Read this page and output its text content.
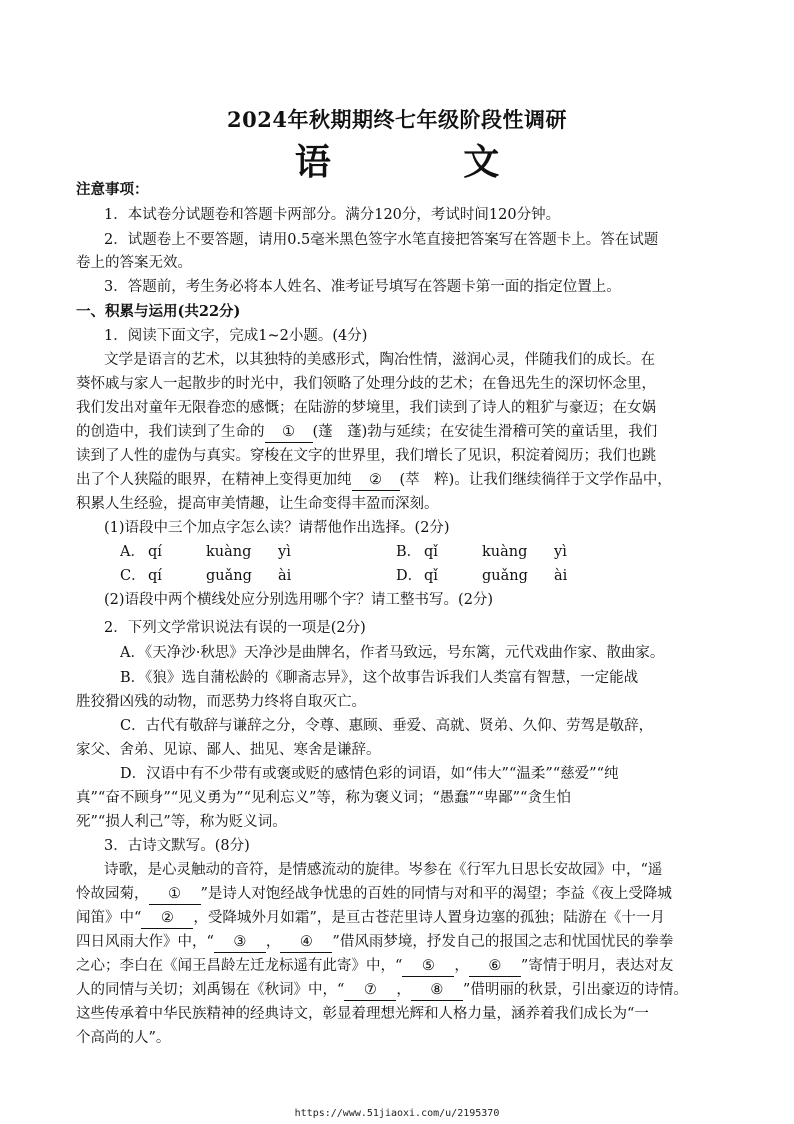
2024年秋期期终七年级阶段性调研
语 文
注意事项：
1．本试卷分试题卷和答题卡两部分。满分120分，考试时间120分钟。
2．试题卷上不要答题，请用0.5毫米黑色签字水笔直接把答案写在答题卡上。答在试题
卷上的答案无效。
3．答题前，考生务必将本人姓名、准考证号填写在答题卡第一面的指定位置上。
一、积累与运用(共22分)
1．阅读下面文字，完成1~2小题。(4分)
文学是语言的艺术，以其独特的美感形式，陶冶性情，滋润心灵，伴随我们的成长。在
葵怀戚与家人一起散步的时光中，我们领略了处理分歧的艺术；在鲁迅先生的深切怀念里，
我们发出对童年无限眷恋的感慨；在陆游的梦境里，我们读到了诗人的粗犷与豪迈；在女娲
的创造中，我们读到了生命的 ① (蓬　蓬)勃与延续；在安徒生滑稽可笑的童话里，我们
读到了人性的虚伪与真实。穿梭在文字的世界里，我们增长了见识，积淀着阅历；我们也跳
出了个人狭隘的眼界，在精神上变得更加纯 ② (萃　粹)。让我们继续徜徉于文学作品中，
积累人生经验，提高审美情趣，让生命变得丰盈而深刻。
(1)语段中三个加点字怎么读？请帮他作出选择。(2分)
A． qí	kuàng yì	B． qǐ	kuàng yì
C． qí	guǎng ài	D． qǐ	guǎng ài
(2)语段中两个横线处应分别选用哪个字？请工整书写。(2分)
2．下列文学常识说法有误的一项是(2分)
A．《天净沙·秋思》天净沙是曲牌名，作者马致远，号东篱，元代戏曲作家、散曲家。
B．《狼》选自蒲松龄的《聊斋志异》，这个故事告诉我们人类富有智慧，一定能战
胜狡猾凶残的动物，而恶势力终将自取灭亡。
C．古代有敬辞与谦辞之分，令尊、惠顾、垂爱、高就、贤弟、久仰、劳驾是敬辞，
家父、舍弟、见谅、鄙人、拙见、寒舍是谦辞。
D．汉语中有不少带有或褒或贬的感情色彩的词语，如“伟大”“温柔”“慈爱”“纯
真”“奋不顾身”“见义勇为”“见利忘义”等，称为褒义词；“愚蠢”“卑鄙”“贪生怕
死”“损人利己”等，称为贬义词。
3．古诗文默写。(8分)
诗歌，是心灵触动的音符，是情感流动的旋律。岑参在《行军九日思长安故园》中，“遥
怜故园菊， ① ”是诗人对饱经战争忧患的百姓的同情与对和平的渴望；李益《夜上受降城
闻笛》中“ ② ，受降城外月如霜”，是亘古苍茫里诗人置身边塞的孤独；陆游在《十一月
四日风雨大作》中，“ ③ ， ④ ”借风雨梦境，抒发自己的报国之志和忧国忧民的拳拳
之心；李白在《闻王昌龄左迁龙标遥有此寄》中，“ ⑤ ， ⑥ ”寄情于明月，表达对友
人的同情与关切；刘禹锡在《秋词》中，“ ⑦ ， ⑧ ”借明丽的秋景，引出豪迈的诗情。
这些传承着中华民族精神的经典诗文，彰显着理想光辉和人格力量，涵养着我们成长为“一
个高尚的人”。
https://www.51jiaoxi.com/u/2195370
